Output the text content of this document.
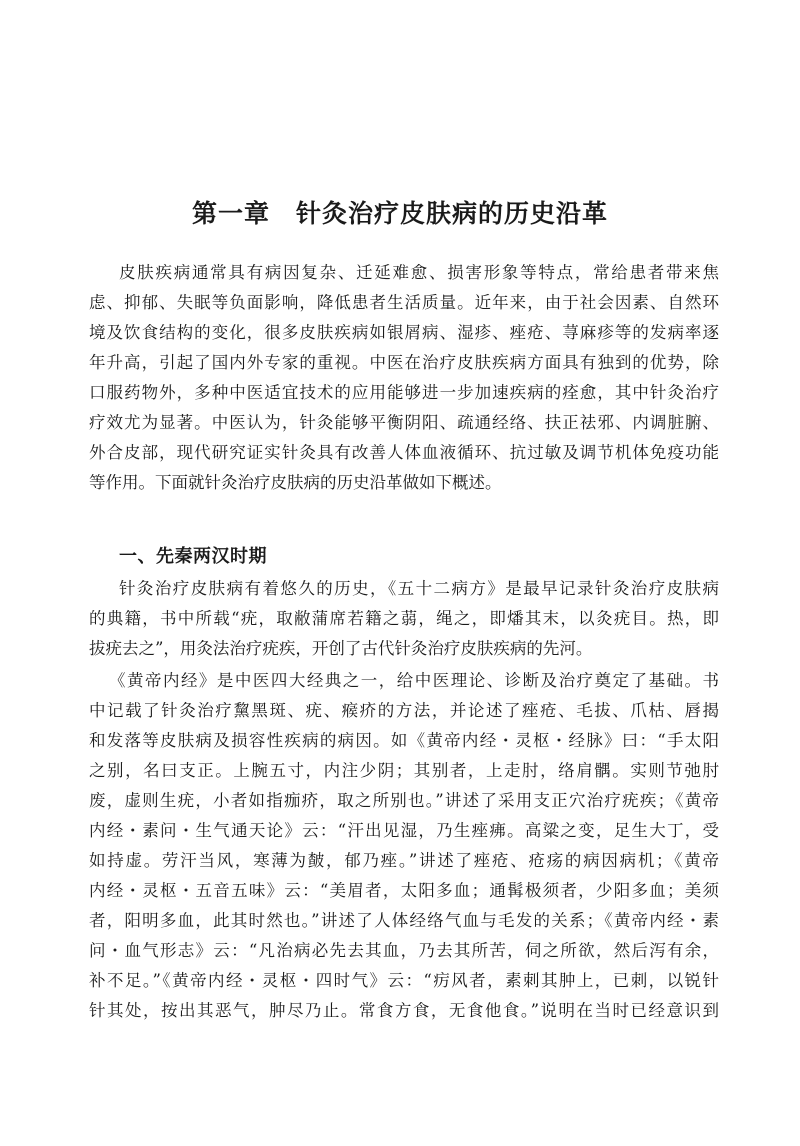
第一章　针灸治疗皮肤病的历史沿革
皮肤疾病通常具有病因复杂、迁延难愈、损害形象等特点，常给患者带来焦
虑、抑郁、失眠等负面影响，降低患者生活质量。近年来，由于社会因素、自然环
境及饮食结构的变化，很多皮肤疾病如银屑病、湿疹、痤疮、荨麻疹等的发病率逐
年升高，引起了国内外专家的重视。中医在治疗皮肤疾病方面具有独到的优势，除
口服药物外，多种中医适宜技术的应用能够进一步加速疾病的痊愈，其中针灸治疗
疗效尤为显著。中医认为，针灸能够平衡阴阳、疏通经络、扶正祛邪、内调脏腑、
外合皮部，现代研究证实针灸具有改善人体血液循环、抗过敏及调节机体免疫功能
等作用。下面就针灸治疗皮肤病的历史沿革做如下概述。
一、先秦两汉时期
针灸治疗皮肤病有着悠久的历史，《五十二病方》是最早记录针灸治疗皮肤病
的典籍，书中所载“疣，取敝蒲席若籍之蒻，绳之，即燔其末，以灸疣目。热，即
拔疣去之”，用灸法治疗疣疾，开创了古代针灸治疗皮肤疾病的先河。
《黄帝内经》是中医四大经典之一，给中医理论、诊断及治疗奠定了基础。书
中记载了针灸治疗黧黑斑、疣、瘊疥的方法，并论述了痤疮、毛拔、爪枯、唇揭
和发落等皮肤病及损容性疾病的病因。如《黄帝内经・灵枢・经脉》曰：“手太阳
之别，名曰支正。上腕五寸，内注少阴；其别者，上走肘，络肩髃。实则节弛肘
废，虚则生疣，小者如指痂疥，取之所别也。”讲述了采用支正穴治疗疣疾；《黄帝
内经・素问・生气通天论》云：“汗出见湿，乃生痤疿。高粱之变，足生大丁，受
如持虚。劳汗当风，寒薄为皶，郁乃痤。”讲述了痤疮、疮疡的病因病机；《黄帝
内经・灵枢・五音五味》云：“美眉者，太阳多血；通髯极须者，少阳多血；美须
者，阳明多血，此其时然也。”讲述了人体经络气血与毛发的关系；《黄帝内经・素
问・血气形志》云：“凡治病必先去其血，乃去其所苦，伺之所欲，然后泻有余，
补不足。”《黄帝内经・灵枢・四时气》云：“疠风者，素刺其肿上，已刺，以锐针
针其处，按出其恶气，肿尽乃止。常食方食，无食他食。”说明在当时已经意识到
